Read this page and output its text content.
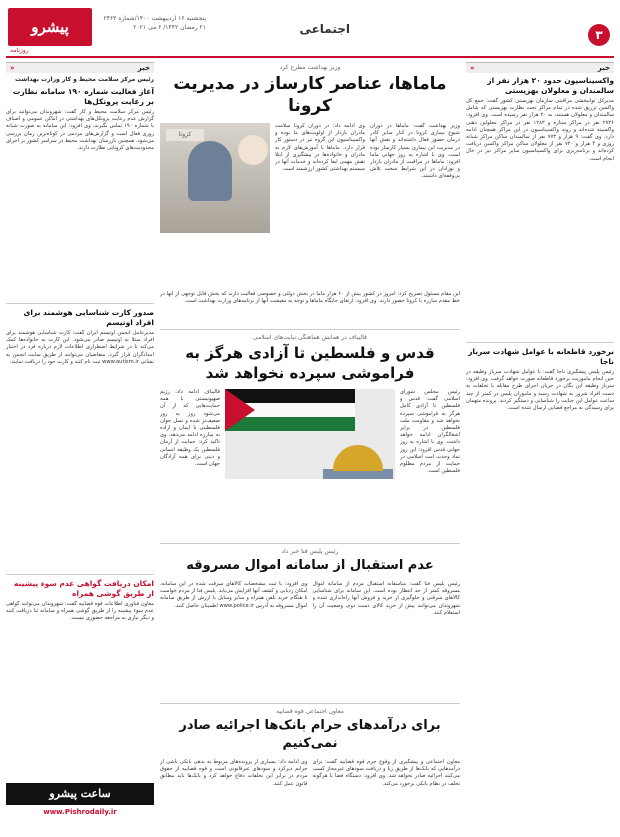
۳
اجتماعی
پنجشنبه ۱۶ اردیبهشت ۱۴۰۰/شماره ۲۴۶۳
۲۱ رمضان ۱۴۴۲/ ۶ می ۲۰۲۱
پیشرو
روزنامه
خبر
«
واکسیناسیون حدود ۲۰ هزار نفر از سالمندان و معلولان بهزیستی
مدیرکل توانبخشی مراقبتی سازمان بهزیستی کشور گفت: جمع کل واکسن تزریق شده در تمام مراکز تحت نظارت بهزیستی که شامل سالمندان و معلولان هستند، به ۲۰ هزار نفر رسیده است. وی افزود: ۲۷۲۶ نفر در مراکز ستاره و ۱۲۸۳ نفر در مراکز معلولین ذهنی واکسینه شده‌اند و روند واکسیناسیون در این مراکز همچنان ادامه دارد. وی گفت: ۹ هزار و ۷۷۳ نفر از سالمندان ساکن مراکز شبانه روزی و ۴ هزار و ۷۴۰ نفر از معلولان ساکن مراکز واکسن دریافت کرده‌اند و برنامه‌ریزی برای واکسیناسیون سایر مراکز نیز در حال انجام است.
برخورد قاطعانه با عوامل شهادت سرباز ناجا
رئیس پلیس پیشگیری ناجا گفت: با عوامل شهادت سرباز وظیفه در حین انجام ماموریت برخورد قاطعانه صورت خواهد گرفت. وی افزود: سرباز وظیفه این یگان در جریان اجرای طرح مقابله با تخلفات به دست افراد شرور به شهادت رسید و ماموران پلیس در کمتر از چند ساعت عوامل این جنایت را شناسایی و دستگیر کردند. پرونده متهمان برای رسیدگی به مراجع قضایی ارسال شده است.
وزیر بهداشت مطرح کرد
ماماها، عناصر کارساز در مدیریت کرونا
وزیر بهداشت گفت: ماماها در دوران شیوع بیماری کرونا در کنار سایر کادر درمان حضور فعال داشته‌اند و نقش آنها در مدیریت این بیماری بسیار کارساز بوده است. وی با اشاره به روز جهانی ماما افزود: ماماها در مراقبت از مادران باردار و نوزادان در این شرایط سخت تلاش بی‌وقفه‌ای داشتند.
وی ادامه داد: در دوران کرونا سلامت مادران باردار از اولویت‌های ما بوده و واکسیناسیون این گروه نیز در دستور کار قرار دارد. ماماها با آموزش‌های لازم به مادران و خانواده‌ها در پیشگیری از ابتلا نقش مهمی ایفا کرده‌اند و خدمات آنها در سیستم بهداشتی کشور ارزشمند است.
کرونا
این مقام مسئول تصریح کرد: امروز در کشور بیش از ۶۰ هزار ماما در بخش دولتی و خصوصی فعالیت دارند که بخش قابل توجهی از آنها در خط مقدم مبارزه با کرونا حضور دارند. وی افزود: ارتقای جایگاه ماماها و توجه به معیشت آنها از برنامه‌های وزارت بهداشت است.
قالیباف در همایش هماهنگی نیابت‌های اسلامی
قدس و فلسطین تا آزادی هرگز به فراموشی سپرده نخواهد شد
رئیس مجلس شورای اسلامی گفت: قدس و فلسطین تا آزادی کامل هرگز به فراموشی سپرده نخواهد شد و مقاومت ملت فلسطین در برابر اشغالگران ادامه خواهد داشت. وی با اشاره به روز جهانی قدس افزود: این روز نماد وحدت امت اسلامی در حمایت از مردم مظلوم فلسطین است.
قالیباف ادامه داد: رژیم صهیونیستی با همه حمایت‌هایی که از آن می‌شود روز به روز ضعیف‌تر شده و نسل جوان فلسطینی با ایمان و اراده به مبارزه ادامه می‌دهد. وی تاکید کرد: حمایت از آرمان فلسطین یک وظیفه انسانی و دینی برای همه آزادگان جهان است.
رئیس پلیس فتا خبر داد
عدم استقبال از سامانه اموال مسروقه
رئیس پلیس فتا گفت: متاسفانه استقبال مردم از سامانه اموال مسروقه کمتر از حد انتظار بوده است. این سامانه برای شناسایی کالاهای سرقتی و جلوگیری از خرید و فروش آنها راه‌اندازی شده و شهروندان می‌توانند پیش از خرید کالای دست دوم، وضعیت آن را استعلام کنند.
وی افزود: با ثبت مشخصات کالاهای سرقت شده در این سامانه، امکان ردیابی و کشف آنها افزایش می‌یابد. پلیس فتا از مردم خواست تا هنگام خرید تلفن همراه و سایر وسایل با ارزش از طریق سامانه اموال مسروقه به آدرس www.police.ir اطمینان حاصل کنند.
معاون اجتماعی قوه قضاییه
برای درآمدهای حرام بانک‌ها اجرائیه صادر نمی‌کنیم
معاون اجتماعی و پیشگیری از وقوع جرم قوه قضاییه گفت: برای درآمدهایی که بانک‌ها از طریق ربا و دریافت سودهای غیرمجاز کسب می‌کنند اجرائیه صادر نخواهد شد. وی افزود: دستگاه قضا با هرگونه تخلف در نظام بانکی برخورد می‌کند.
وی ادامه داد: بسیاری از پرونده‌های مربوط به بدهی بانکی ناشی از جرایم دیرکرد و سودهای غیرقانونی است و قوه قضاییه از حقوق مردم در برابر این تخلفات دفاع خواهد کرد و بانک‌ها باید مطابق قانون عمل کنند.
خبر
«
رئیس مرکز سلامت محیط و کار وزارت بهداشت
آغاز فعالیت شماره ۱۹۰ سامانه نظارت بر رعایت پروتکل‌ها
رئیس مرکز سلامت محیط و کار گفت: شهروندان می‌توانند برای گزارش عدم رعایت پروتکل‌های بهداشتی در اماکن عمومی و اصناف با شماره ۱۹۰ تماس بگیرند. وی افزود: این سامانه به صورت شبانه روزی فعال است و گزارش‌های مردمی در کوتاه‌ترین زمان بررسی می‌شود. همچنین بازرسان بهداشت محیط در سراسر کشور بر اجرای محدودیت‌های کرونایی نظارت دارند.
صدور کارت شناسایی هوشمند برای افراد اوتیسم
مدیرعامل انجمن اوتیسم ایران گفت: کارت شناسایی هوشمند برای افراد مبتلا به اوتیسم صادر می‌شود. این کارت به خانواده‌ها کمک می‌کند تا در شرایط اضطراری اطلاعات لازم درباره فرد در اختیار امدادگران قرار گیرد. متقاضیان می‌توانند از طریق سایت انجمن به نشانی www.autism.ir ثبت نام کنند و کارت خود را دریافت نمایند.
امکان دریافت گواهی عدم سوء پیشینه از طریق گوشی همراه
معاون فناوری اطلاعات قوه قضاییه گفت: شهروندان می‌توانند گواهی عدم سوء پیشینه را از طریق گوشی همراه و سامانه ثنا دریافت کنند و دیگر نیازی به مراجعه حضوری نیست.
ساعت پیشرو
www.Pishrodaily.ir
